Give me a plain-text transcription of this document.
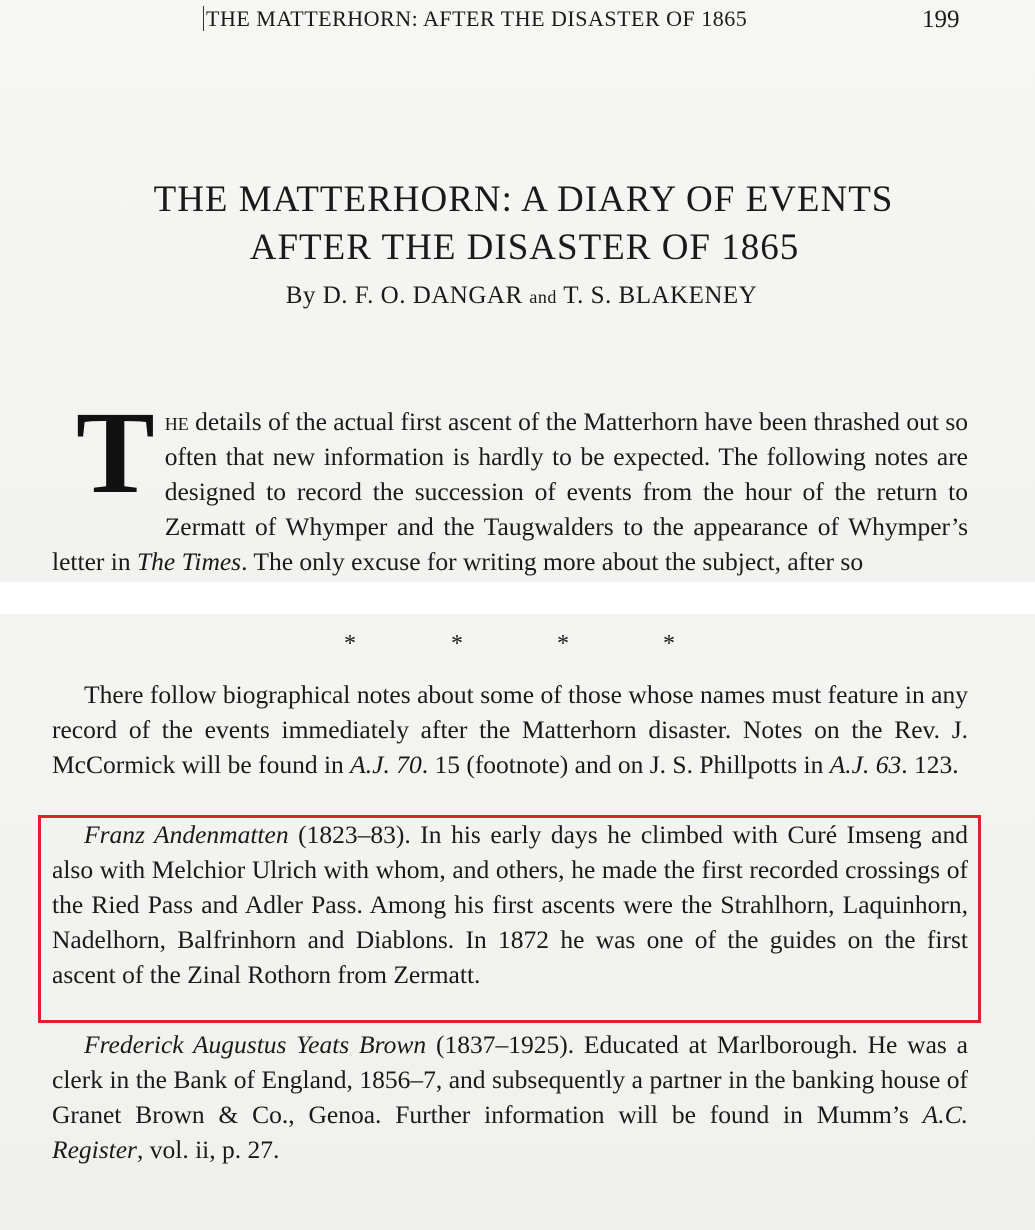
THE MATTERHORN: AFTER THE DISASTER OF 1865	199
THE MATTERHORN: A DIARY OF EVENTS
AFTER THE DISASTER OF 1865
By D. F. O. DANGAR and T. S. BLAKENEY

The details of the actual first ascent of the Matterhorn have been thrashed out so often that new information is hardly to be expected. The following notes are designed to record the succession of events from the hour of the return to Zermatt of Whymper and the Taugwalders to the appearance of Whymper’s letter in The Times. The only excuse for writing more about the subject, after so

*	*	*	*

There follow biographical notes about some of those whose names must feature in any record of the events immediately after the Matterhorn disaster. Notes on the Rev. J. McCormick will be found in A.J. 70. 15 (footnote) and on J. S. Phillpotts in A.J. 63. 123.

Franz Andenmatten (1823–83). In his early days he climbed with Curé Imseng and also with Melchior Ulrich with whom, and others, he made the first recorded crossings of the Ried Pass and Adler Pass. Among his first ascents were the Strahlhorn, Laquinhorn, Nadelhorn, Balfrinhorn and Diablons. In 1872 he was one of the guides on the first ascent of the Zinal Rothorn from Zermatt.

Frederick Augustus Yeats Brown (1837–1925). Educated at Marlborough. He was a clerk in the Bank of England, 1856–7, and subsequently a partner in the banking house of Granet Brown & Co., Genoa. Further information will be found in Mumm’s A.C. Register, vol. ii, p. 27.
